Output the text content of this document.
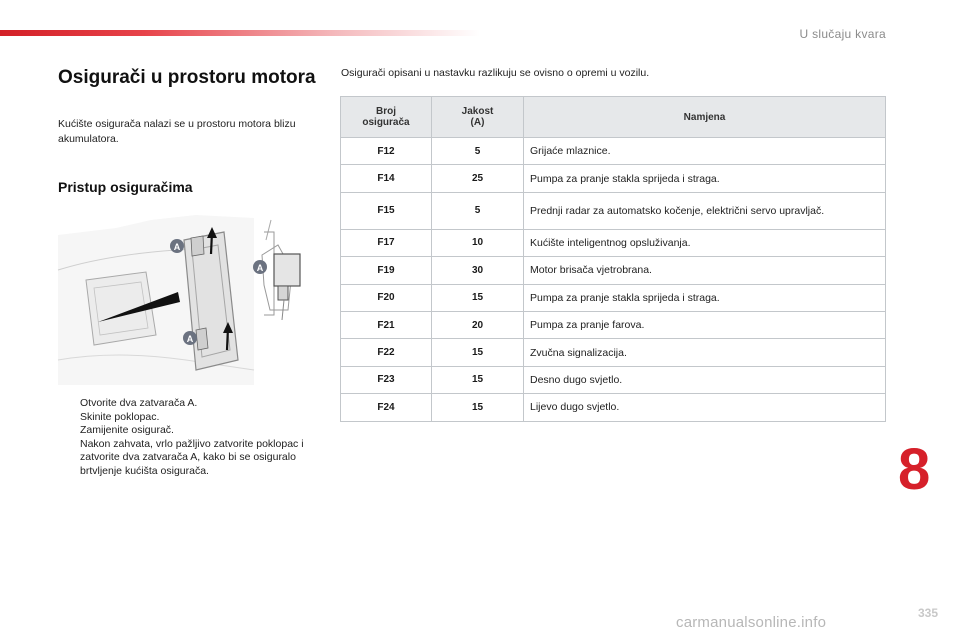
U slučaju kvara
Osigurači u prostoru motora

Kućište osigurača nalazi se u prostoru motora blizu akumulatora.

Pristup osiguračima
A
A
A
Otvorite dva zatvarača A.
Skinite poklopac.
Zamijenite osigurač.
Nakon zahvata, vrlo pažljivo zatvorite poklopac i zatvorite dva zatvarača A, kako bi se osiguralo brtvljenje kućišta osigurača.

Osigurači opisani u nastavku razlikuju se ovisno o opremi u vozilu.

Broj osigurača	Jakost (A)	Namjena
F12	5	Grijaće mlaznice.
F14	25	Pumpa za pranje stakla sprijeda i straga.
F15	5	Prednji radar za automatsko kočenje, električni servo upravljač.
F17	10	Kućište inteligentnog opsluživanja.
F19	30	Motor brisača vjetrobrana.
F20	15	Pumpa za pranje stakla sprijeda i straga.
F21	20	Pumpa za pranje farova.
F22	15	Zvučna signalizacija.
F23	15	Desno dugo svjetlo.
F24	15	Lijevo dugo svjetlo.
8
335
carmanualsonline.info
